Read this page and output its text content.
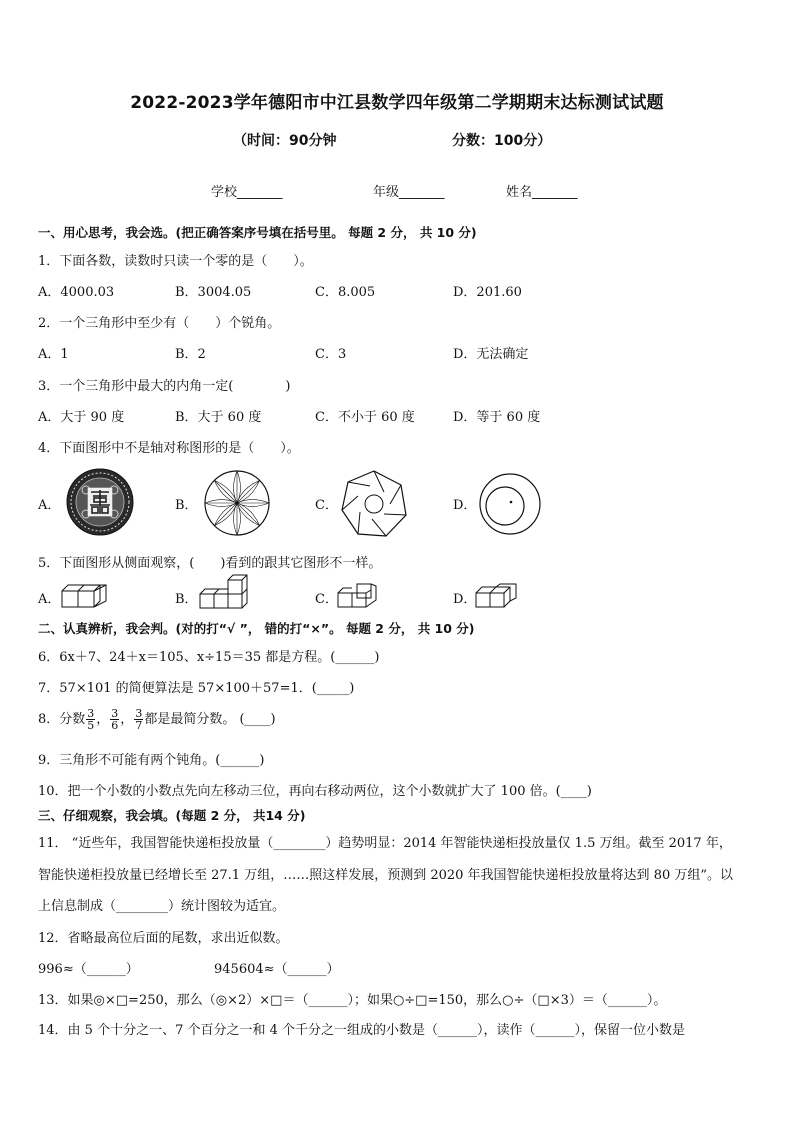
2022-2023学年德阳市中江县数学四年级第二学期期末达标测试试题
（时间：90分钟	分数：100分）
学校_______	年级_______	姓名_______
一、用心思考，我会选。(把正确答案序号填在括号里。 每题 2 分， 共 10 分)
1．下面各数，读数时只读一个零的是（　　）。
A．4000.03	B．3004.05	C．8.005	D．201.60
2．一个三角形中至少有（　　）个锐角。
A．1	B．2	C．3	D．无法确定
3．一个三角形中最大的内角一定(　　　　)
A．大于 90 度	B．大于 60 度	C．不小于 60 度	D．等于 60 度
4．下面图形中不是轴对称图形的是（　　）。
A．	B．	C．	D．
5．下面图形从侧面观察，(　　)看到的跟其它图形不一样。
A．	B．	C．	D．
二、认真辨析，我会判。(对的打“√ ”， 错的打“×”。 每题 2 分， 共 10 分)
6．6x＋7、24＋x＝105、x÷15＝35 都是方程。(______)
7．57×101 的简便算法是 57×100＋57=1．(_____)
8．分数 $\frac{3}{5}$ ， $\frac{3}{6}$ ， $\frac{3}{7}$ 都是最简分数。 (____)
9．三角形不可能有两个钝角。(______)
10．把一个小数的小数点先向左移动三位，再向右移动两位，这个小数就扩大了 100 倍。(____)
三、仔细观察，我会填。(每题 2 分， 共14 分)
11． “近些年，我国智能快递柜投放量（________）趋势明显：2014 年智能快递柜投放量仅 1.5 万组。截至 2017 年，
智能快递柜投放量已经增长至 27.1 万组，……照这样发展，预测到 2020 年我国智能快递柜投放量将达到 80 万组”。以
上信息制成（________）统计图较为适宜。
12．省略最高位后面的尾数，求出近似数。
996≈（______）	945604≈（______）
13．如果◎×□=250，那么（◎×2）×□＝（______）；如果○÷□=150，那么○÷（□×3）＝（______）。
14．由 5 个十分之一、7 个百分之一和 4 个千分之一组成的小数是（______），读作（______），保留一位小数是
